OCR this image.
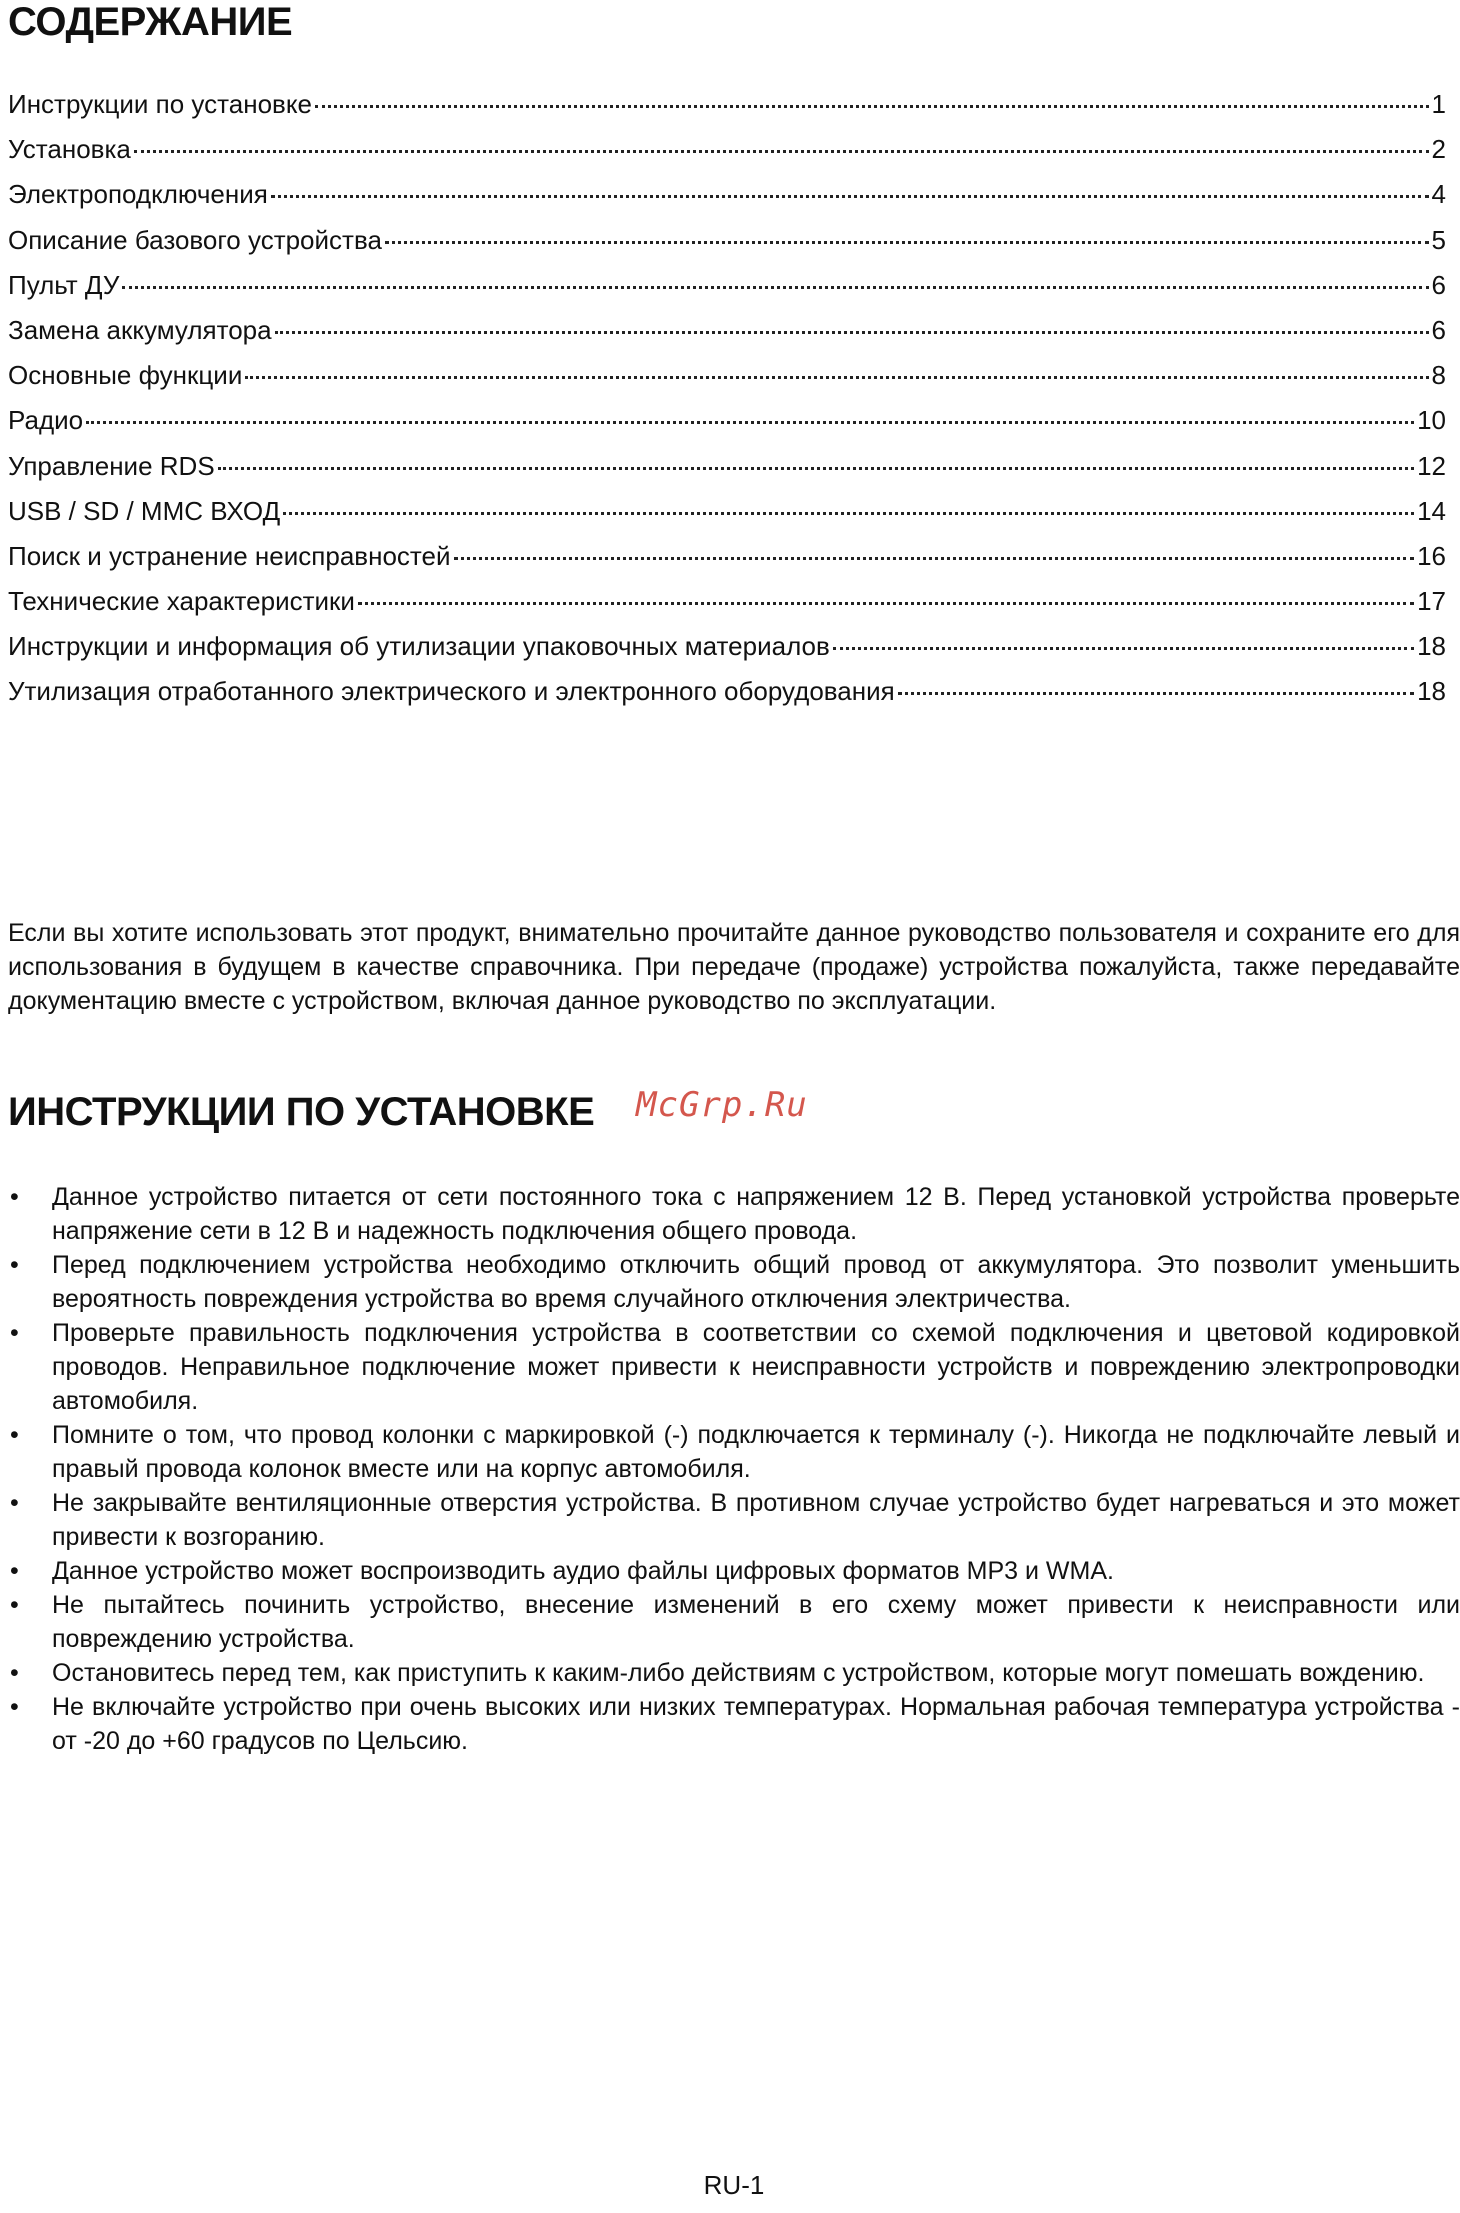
СОДЕРЖАНИЕ
Инструкции по установке	1
Установка	2
Электроподключения	4
Описание базового устройства	5
Пульт ДУ	6
Замена аккумулятора	6
Основные функции	8
Радио	10
Управление RDS	12
USB / SD / MMC ВХОД	14
Поиск и устранение неисправностей	16
Технические характеристики	17
Инструкции и информация об утилизации упаковочных материалов	18
Утилизация отработанного электрического и электронного оборудования	18

Если вы хотите использовать этот продукт, внимательно прочитайте данное руководство пользователя и сохраните его для использования в будущем в качестве справочника. При передаче (продаже) устройства пожалуйста, также передавайте документацию вместе с устройством, включая данное руководство по эксплуатации.

ИНСТРУКЦИИ ПО УСТАНОВКЕ McGrp.Ru
• Данное устройство питается от сети постоянного тока с напряжением 12 В. Перед установкой устройства проверьте напряжение сети в 12 В и надежность подключения общего провода.
• Перед подключением устройства необходимо отключить общий провод от аккумулятора. Это позволит уменьшить вероятность повреждения устройства во время случайного отключения электричества.
• Проверьте правильность подключения устройства в соответствии со схемой подключения и цветовой кодировкой проводов. Неправильное подключение может привести к неисправности устройств и повреждению электропроводки автомобиля.
• Помните о том, что провод колонки с маркировкой (-) подключается к терминалу (-). Никогда не подключайте левый и правый провода колонок вместе или на корпус автомобиля.
• Не закрывайте вентиляционные отверстия устройства. В противном случае устройство будет нагреваться и это может привести к возгоранию.
• Данное устройство может воспроизводить аудио файлы цифровых форматов MP3 и WMA.
• Не пытайтесь починить устройство, внесение изменений в его схему может привести к неисправности или повреждению устройства.
• Остановитесь перед тем, как приступить к каким-либо действиям с устройством, которые могут помешать вождению.
• Не включайте устройство при очень высоких или низких температурах. Нормальная рабочая температура устройства - от -20 до +60 градусов по Цельсию.
RU-1
